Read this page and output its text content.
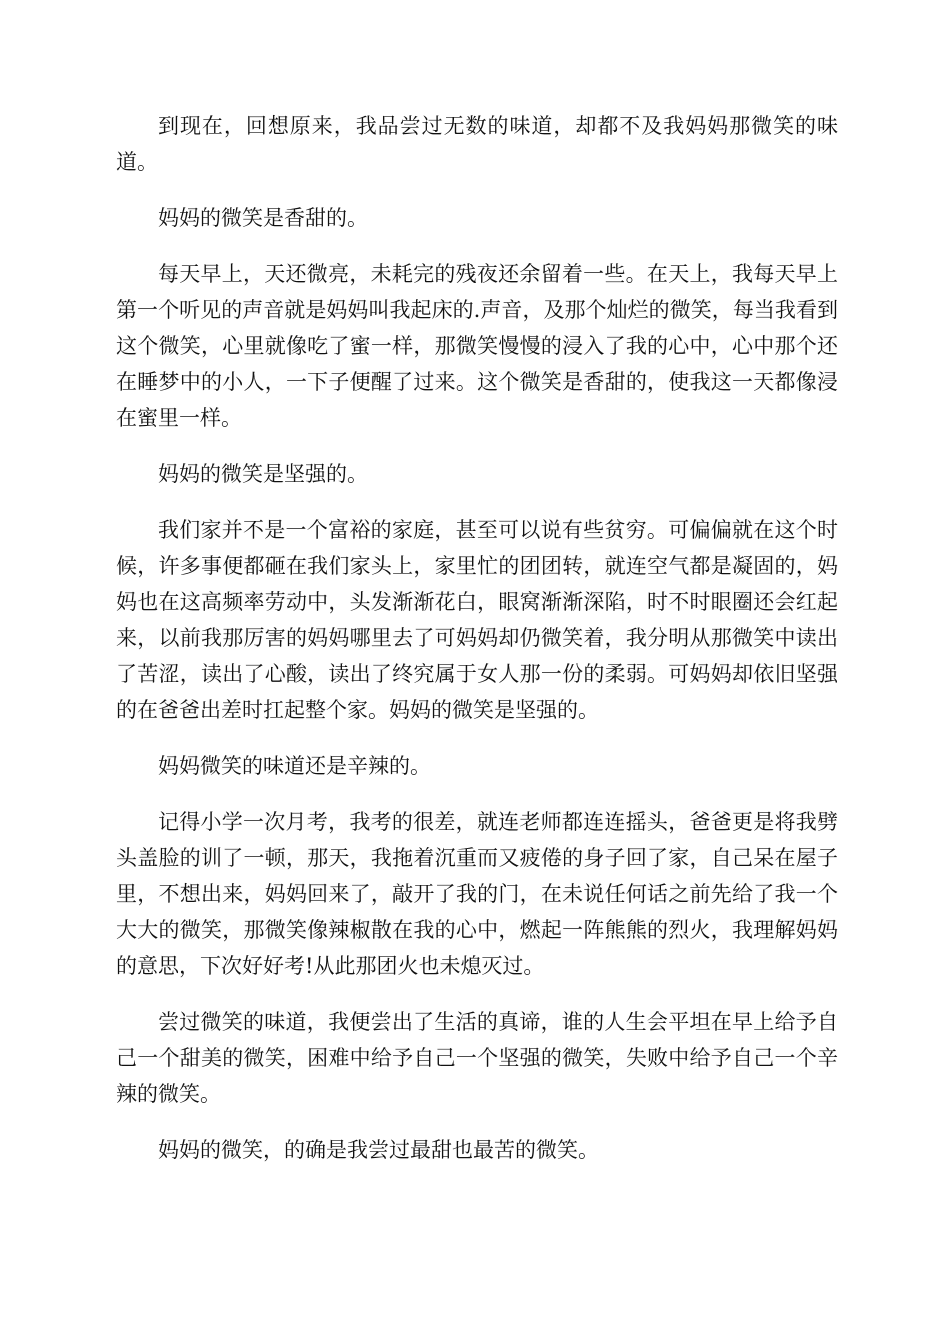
到现在，回想原来，我品尝过无数的味道，却都不及我妈妈那微笑的味道。

妈妈的微笑是香甜的。

每天早上，天还微亮，未耗完的残夜还余留着一些。在天上，我每天早上第一个听见的声音就是妈妈叫我起床的.声音，及那个灿烂的微笑，每当我看到这个微笑，心里就像吃了蜜一样，那微笑慢慢的浸入了我的心中，心中那个还在睡梦中的小人，一下子便醒了过来。这个微笑是香甜的，使我这一天都像浸在蜜里一样。

妈妈的微笑是坚强的。

我们家并不是一个富裕的家庭，甚至可以说有些贫穷。可偏偏就在这个时候，许多事便都砸在我们家头上，家里忙的团团转，就连空气都是凝固的，妈妈也在这高频率劳动中，头发渐渐花白，眼窝渐渐深陷，时不时眼圈还会红起来，以前我那厉害的妈妈哪里去了可妈妈却仍微笑着，我分明从那微笑中读出了苦涩，读出了心酸，读出了终究属于女人那一份的柔弱。可妈妈却依旧坚强的在爸爸出差时扛起整个家。妈妈的微笑是坚强的。

妈妈微笑的味道还是辛辣的。

记得小学一次月考，我考的很差，就连老师都连连摇头，爸爸更是将我劈头盖脸的训了一顿，那天，我拖着沉重而又疲倦的身子回了家，自己呆在屋子里，不想出来，妈妈回来了，敲开了我的门，在未说任何话之前先给了我一个大大的微笑，那微笑像辣椒散在我的心中，燃起一阵熊熊的烈火，我理解妈妈的意思，下次好好考!从此那团火也未熄灭过。

尝过微笑的味道，我便尝出了生活的真谛，谁的人生会平坦在早上给予自己一个甜美的微笑，困难中给予自己一个坚强的微笑，失败中给予自己一个辛辣的微笑。

妈妈的微笑，的确是我尝过最甜也最苦的微笑。
